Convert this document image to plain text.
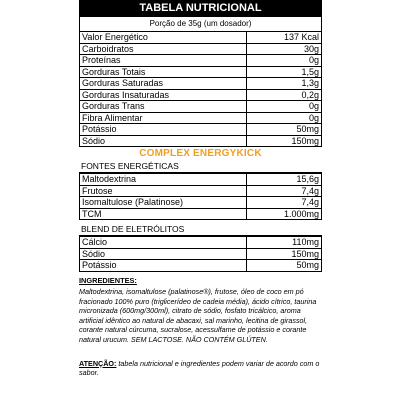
TABELA NUTRICIONAL
Porção de 35g (um dosador)
Valor Energético	137 Kcal
Carboidratos	30g
Proteínas	0g
Gorduras Totais	1,5g
Gorduras Saturadas	1,3g
Gorduras Insaturadas	0,2g
Gorduras Trans	0g
Fibra Alimentar	0g
Potássio	50mg
Sódio	150mg
COMPLEX ENERGYKICK
FONTES ENERGÉTICAS
Maltodextrina	15,6g
Frutose	7,4g
Isomaltulose (Palatinose)	7,4g
TCM	1.000mg
BLEND DE ELETRÓLITOS
Cálcio	110mg
Sódio	150mg
Potássio	50mg
INGREDIENTES:
Maltodextrina, isomaltulose (palatinose®), frutose, óleo de coco em pó fracionado 100% puro (triglicerídeo de cadeia média), ácido cítrico, taurina micronizada (600mg/300ml), citrato de sódio, fosfato tricálcico, aroma artificial idêntico ao natural de abacaxi, sal marinho, lecitina de girassol, corante natural cúrcuma, sucralose, acessulfame de potássio e corante natural urucum. SEM LACTOSE. NÃO CONTÉM GLÚTEN.
ATENÇÃO: tabela nutricional e ingredientes podem variar de acordo com o sabor.
